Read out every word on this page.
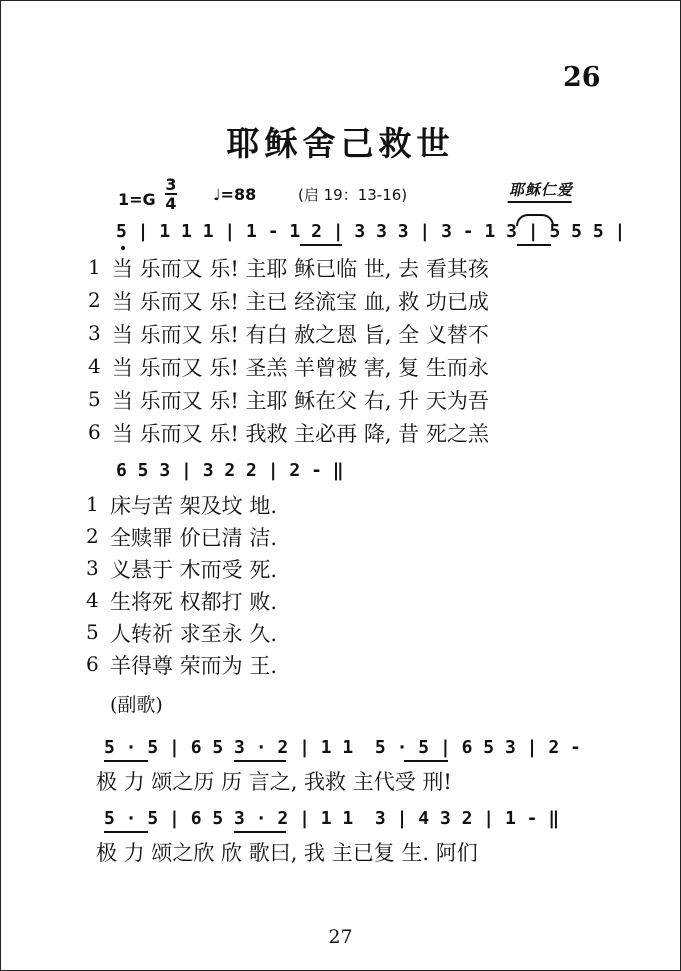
26
耶稣舍己救世
1=G
3
4 ♩=88	(启 19：13-16)	耶稣仁爱
5 | 1 1 1 | 1 - 1 2 | 3 3 3 | 3 - 1 3 | 5 5 5 |
1 当 乐而又 乐! 主耶 稣已临 世, 去 看其孩
2 当 乐而又 乐! 主已 经流宝 血, 救 功已成
3 当 乐而又 乐! 有白 赦之恩 旨, 全 义替不
4 当 乐而又 乐! 圣羔 羊曾被 害, 复 生而永
5 当 乐而又 乐! 主耶 稣在父 右, 升 天为吾
6 当 乐而又 乐! 我救 主必再 降, 昔 死之羔
6 5 3 | 3 2 2 | 2 - ‖
1 床与苦 架及坟 地.
2 全赎罪 价已清 洁.
3 义悬于 木而受 死.
4 生将死 权都打 败.
5 人转祈 求至永 久.
6 羊得尊 荣而为 王.
(副歌)
5 · 5 | 6 5 3 · 2 | 1 1  5 · 5 | 6 5 3 | 2 -
极 力 颂之历 历 言之, 我救 主代受 刑!
5 · 5 | 6 5 3 · 2 | 1 1  3 | 4 3 2 | 1 - ‖
极 力 颂之欣 欣 歌曰, 我 主已复 生. 阿们
27
